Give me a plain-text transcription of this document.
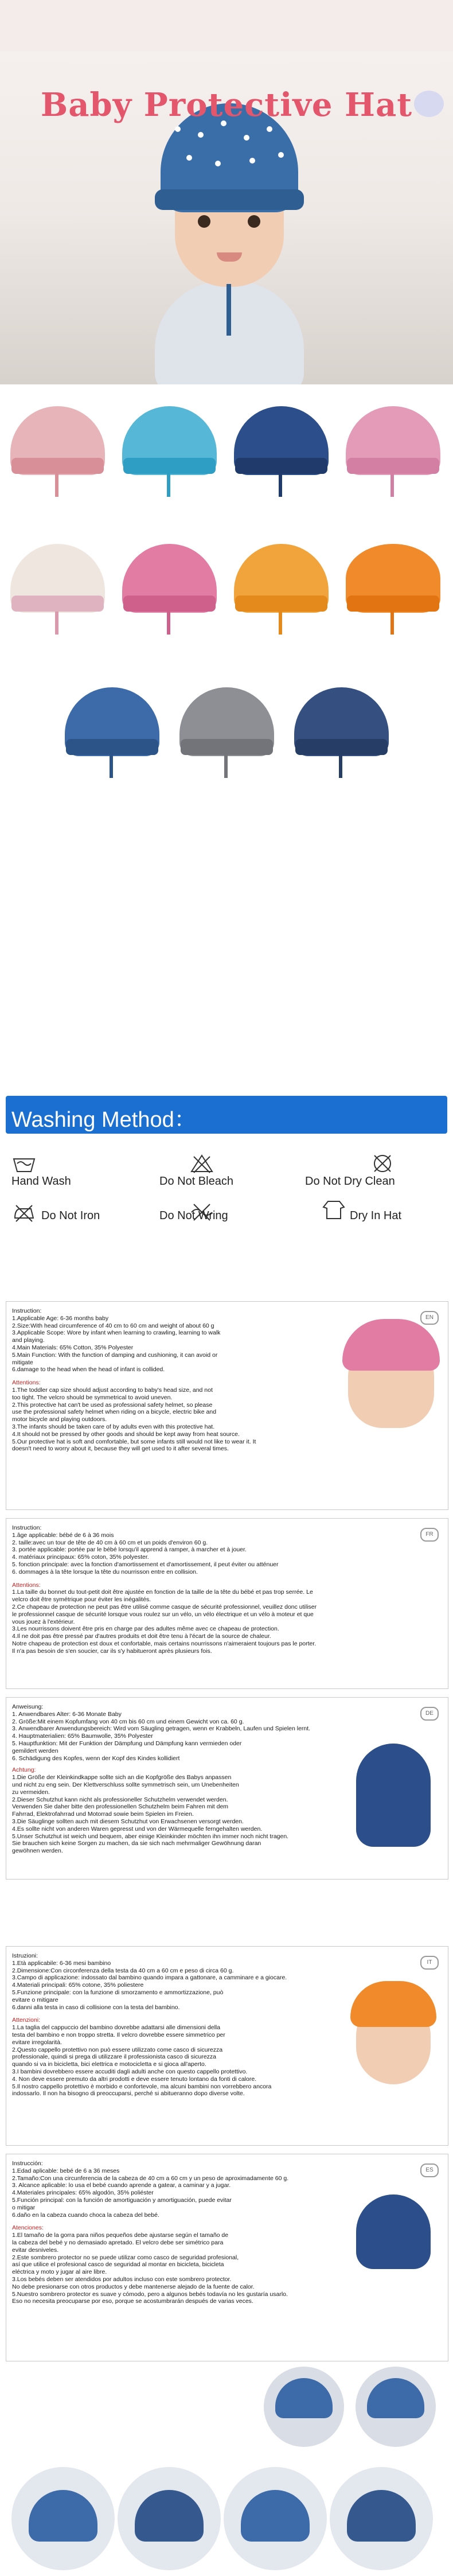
Baby Protective Hat
Washing Method：
Hand Wash	Do Not Bleach	Do Not Dry Clean
Do Not Iron	Do Not Wring	Dry In Hat
Instruction:
1.Applicable Age: 6-36 months baby
2.Size:With head circumference of 40 cm to 60 cm and weight of about 60 g
3.Applicable Scope: Wore by infant when learning to crawling, learning to walk
and playing.
4.Main Materials: 65% Cotton, 35% Polyester
5.Main Function: With the function of damping and cushioning, it can avoid or
mitigate
6.damage to the head when the head of infant is collided.
Attentions:
1.The toddler cap size should adjust according to baby's head size, and not
too tight. The velcro should be symmetrical to avoid uneven.
2.This protective hat can't be used as professional safety helmet, so please
use the professional safety helmet when riding on a bicycle, electric bike and
motor bicycle and playing outdoors.
3.The infants should be taken care of by adults even with this protective hat.
4.It should not be pressed by other goods and should be kept away from heat source.
5.Our protective hat is soft and comfortable, but some infants still would not like to wear it. It
doesn't need to worry about it, because they will get used to it after several times.
EN
Instruction:
1.âge applicable: bébé de 6 à 36 mois
2. taille:avec un tour de tête de 40 cm à 60 cm et un poids d'environ 60 g.
3. portée applicable: portée par le bébé lorsqu'il apprend à ramper, à marcher et à jouer.
4. matériaux principaux: 65% coton, 35% polyester.
5. fonction principale: avec la fonction d'amortissement et d'amortissement, il peut éviter ou atténuer
6. dommages à la tête lorsque la tête du nourrisson entre en collision.
Attentions:
1.La taille du bonnet du tout-petit doit être ajustée en fonction de la taille de la tête du bébé et pas trop serrée. Le
velcro doit être symétrique pour éviter les inégalités.
2.Ce chapeau de protection ne peut pas être utilisé comme casque de sécurité professionnel, veuillez donc utiliser
le professionnel casque de sécurité lorsque vous roulez sur un vélo, un vélo électrique et un vélo à moteur et que
vous jouez à l'extérieur.
3.Les nourrissons doivent être pris en charge par des adultes même avec ce chapeau de protection.
4.Il ne doit pas être pressé par d'autres produits et doit être tenu à l'écart de la source de chaleur.
Notre chapeau de protection est doux et confortable, mais certains nourrissons n'aimeraient toujours pas le porter.
Il n'a pas besoin de s'en soucier, car ils s'y habitueront après plusieurs fois.
FR
Anweisung:
1. Anwendbares Alter: 6-36 Monate Baby
2. Größe:Mit einem Kopfumfang von 40 cm bis 60 cm und einem Gewicht von ca. 60 g.
3. Anwendbarer Anwendungsbereich: Wird vom Säugling getragen, wenn er Krabbeln, Laufen und Spielen lernt.
4. Hauptmaterialien: 65% Baumwolle, 35% Polyester
5. Hauptfunktion: Mit der Funktion der Dämpfung und Dämpfung kann vermieden oder
gemildert werden
6. Schädigung des Kopfes, wenn der Kopf des Kindes kollidiert
Achtung:
1.Die Größe der Kleinkindkappe sollte sich an die Kopfgröße des Babys anpassen
und nicht zu eng sein. Der Klettverschluss sollte symmetrisch sein, um Unebenheiten
zu vermeiden.
2.Dieser Schutzhut kann nicht als professioneller Schutzhelm verwendet werden.
Verwenden Sie daher bitte den professionellen Schutzhelm beim Fahren mit dem
Fahrrad, Elektrofahrrad und Motorrad sowie beim Spielen im Freien.
3.Die Säuglinge sollten auch mit diesem Schutzhut von Erwachsenen versorgt werden.
4.Es sollte nicht von anderen Waren gepresst und von der Wärmequelle ferngehalten werden.
5.Unser Schutzhut ist weich und bequem, aber einige Kleinkinder möchten ihn immer noch nicht tragen.
Sie brauchen sich keine Sorgen zu machen, da sie sich nach mehrmaliger Gewöhnung daran
gewöhnen werden.
DE
Istruzioni:
1.Età applicabile: 6-36 mesi bambino
2.Dimensione:Con circonferenza della testa da 40 cm a 60 cm e peso di circa 60 g.
3.Campo di applicazione: indossato dal bambino quando impara a gattonare, a camminare e a giocare.
4.Materiali principali: 65% cotone, 35% poliestere
5.Funzione principale: con la funzione di smorzamento e ammortizzazione, può
evitare o mitigare
6.danni alla testa in caso di collisione con la testa del bambino.
Attenzioni:
1.La taglia del cappuccio del bambino dovrebbe adattarsi alle dimensioni della
testa del bambino e non troppo stretta. Il velcro dovrebbe essere simmetrico per
evitare irregolarità.
2.Questo cappello protettivo non può essere utilizzato come casco di sicurezza
professionale, quindi si prega di utilizzare il professionista casco di sicurezza
quando si va in bicicletta, bici elettrica e motocicletta e si gioca all'aperto.
3.I bambini dovrebbero essere accuditi dagli adulti anche con questo cappello protettivo.
4. Non deve essere premuto da altri prodotti e deve essere tenuto lontano da fonti di calore.
5.Il nostro cappello protettivo è morbido e confortevole, ma alcuni bambini non vorrebbero ancora
indossarlo. Il non ha bisogno di preoccuparsi, perché si abitueranno dopo diverse volte.
IT
Instrucción:
1.Edad aplicable: bebé de 6 a 36 meses
2.Tamaño:Con una circunferencia de la cabeza de 40 cm a 60 cm y un peso de aproximadamente 60 g.
3. Alcance aplicable: lo usa el bebé cuando aprende a gatear, a caminar y a jugar.
4.Materiales principales: 65% algodón, 35% poliéster
5.Función principal: con la función de amortiguación y amortiguación, puede evitar
o mitigar
6.daño en la cabeza cuando choca la cabeza del bebé.
Atenciones:
1.El tamaño de la gorra para niños pequeños debe ajustarse según el tamaño de
la cabeza del bebé y no demasiado apretado. El velcro debe ser simétrico para
evitar desniveles.
2.Este sombrero protector no se puede utilizar como casco de seguridad profesional,
así que utilice el profesional casco de seguridad al montar en bicicleta, bicicleta
eléctrica y moto y jugar al aire libre.
3.Los bebés deben ser atendidos por adultos incluso con este sombrero protector.
No debe presionarse con otros productos y debe mantenerse alejado de la fuente de calor.
5.Nuestro sombrero protector es suave y cómodo, pero a algunos bebés todavía no les gustaría usarlo.
Eso no necesita preocuparse por eso, porque se acostumbrarán después de varias veces.
ES
